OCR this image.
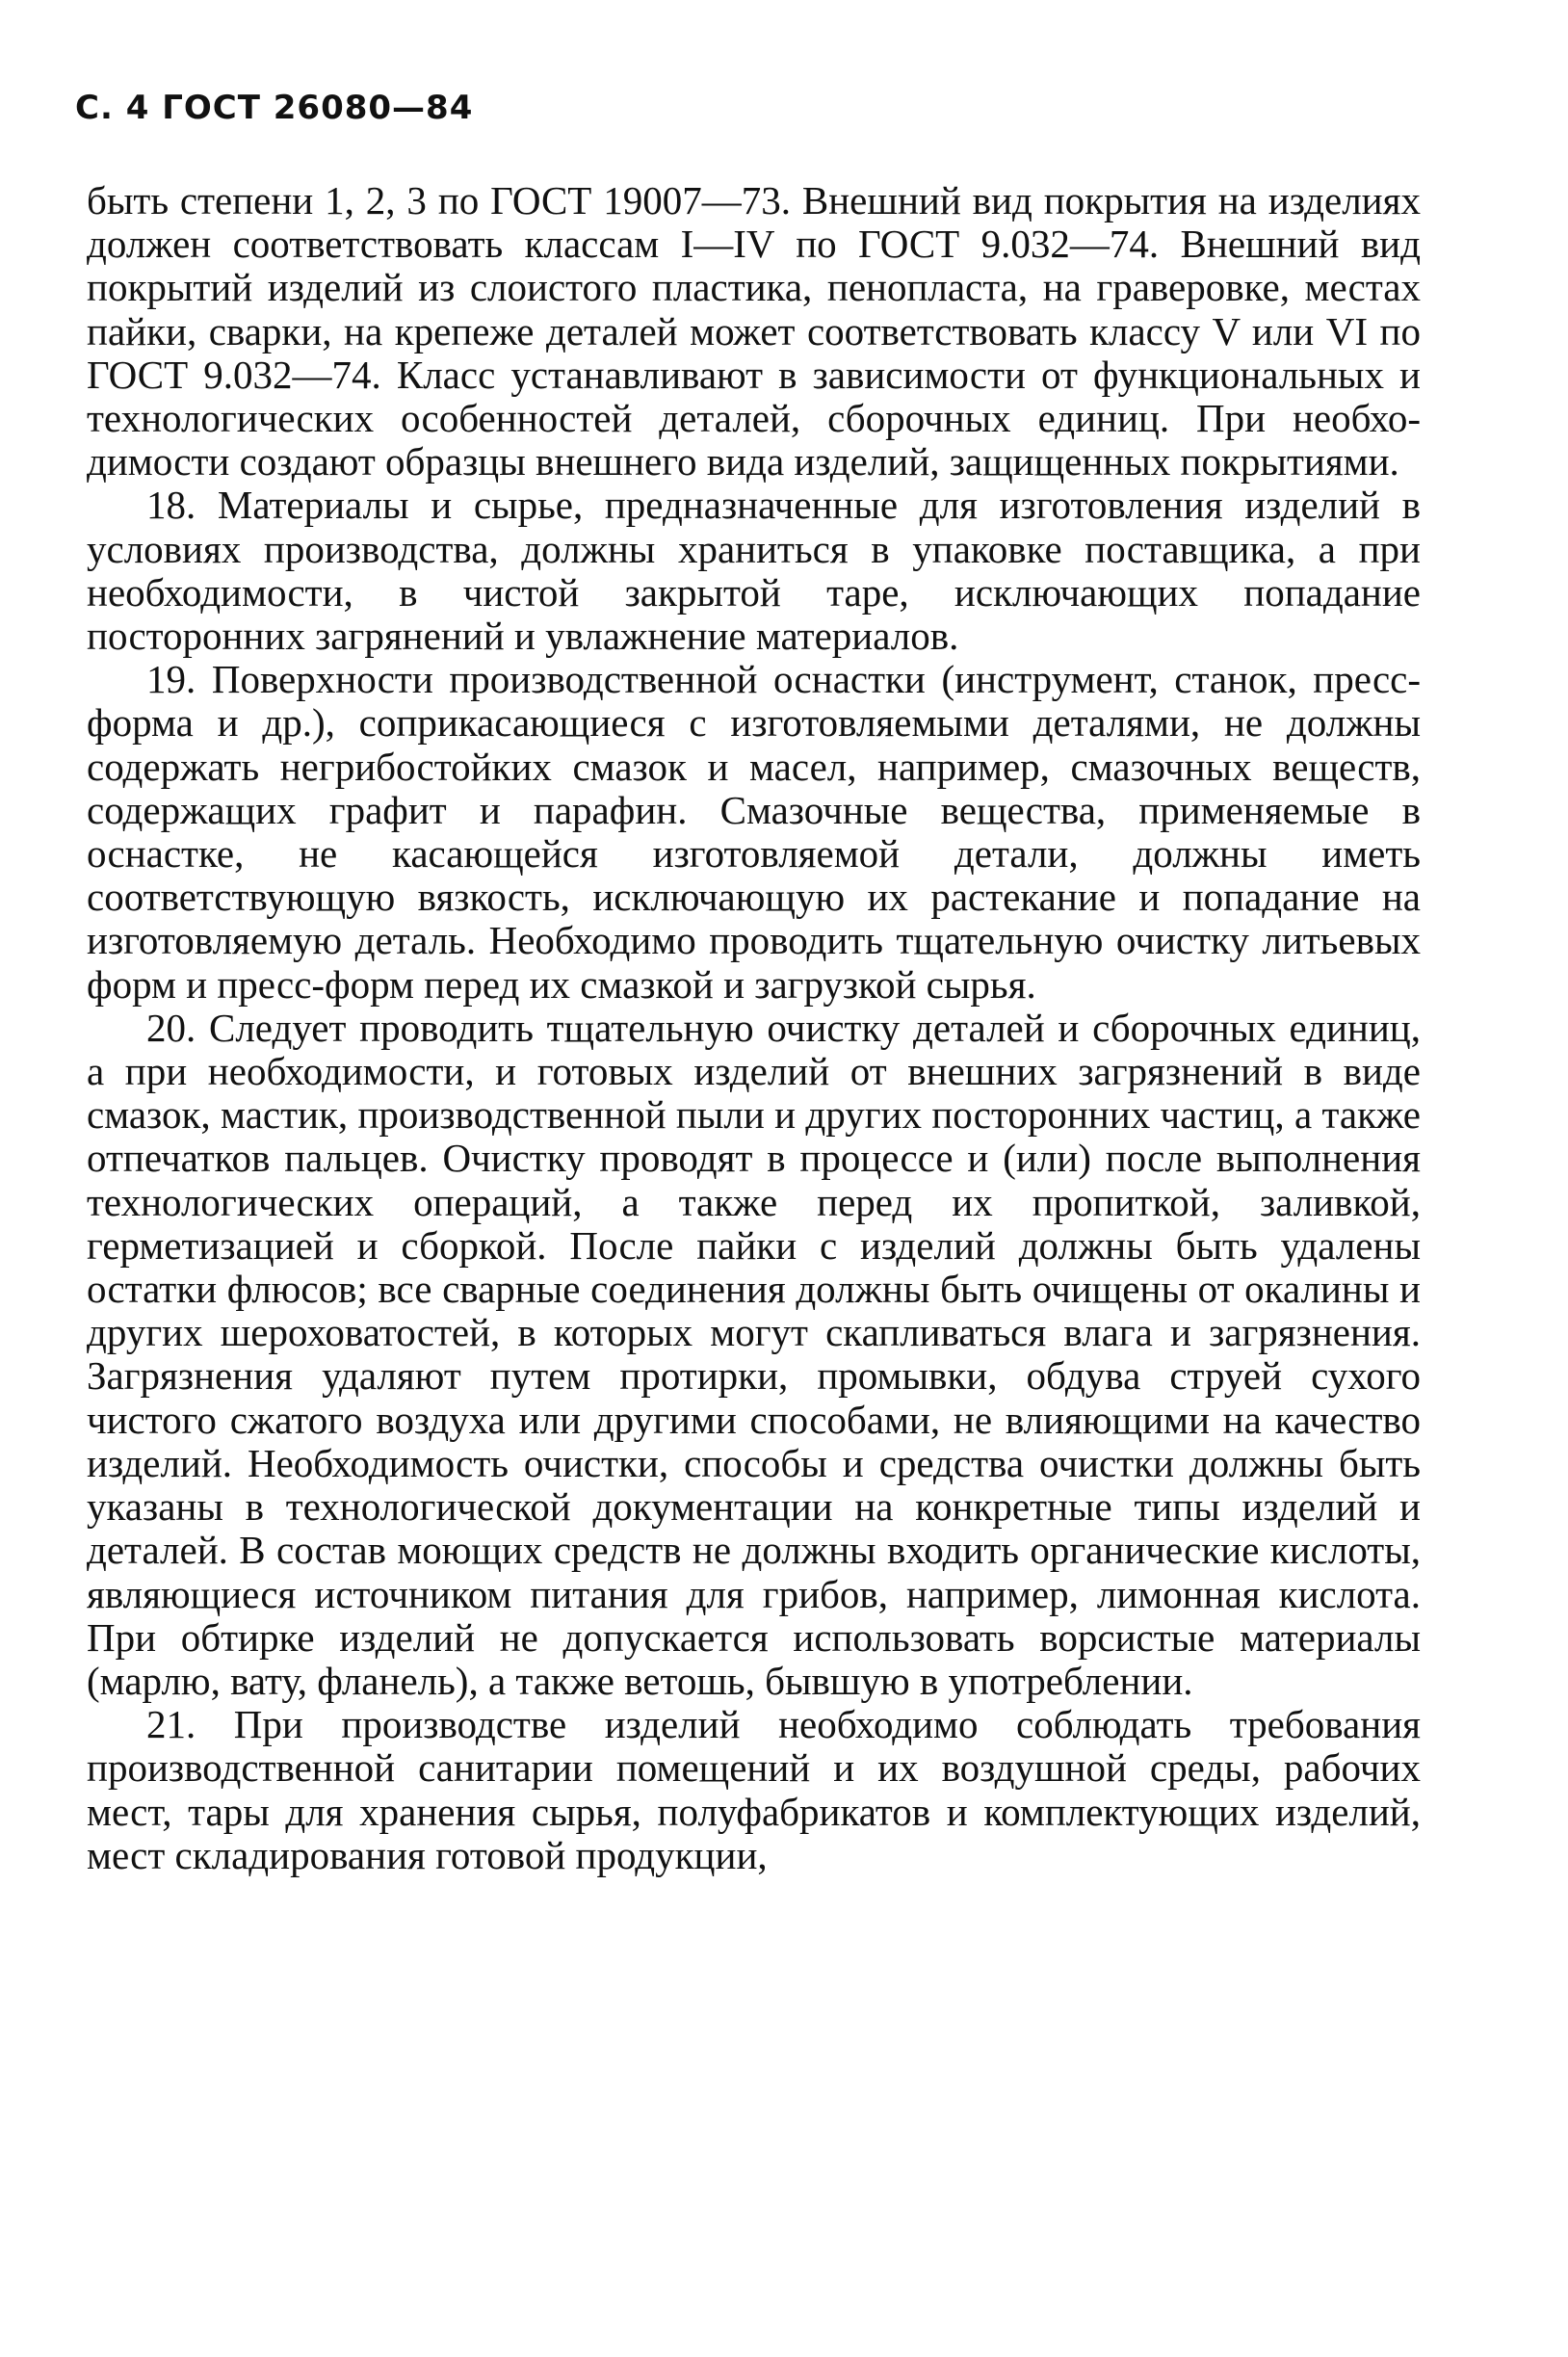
С. 4 ГОСТ 26080—84

быть степени 1, 2, 3 по ГОСТ 19007—73. Внешний вид покрытия на изделиях должен соответствовать классам I—IV по ГОСТ 9.032—74. Внешний вид покрытий изделий из слоистого пластика, пенопласта, на граверовке, местах пайки, сварки, на крепеже деталей может соответствовать классу V или VI по ГОСТ 9.032—74. Класс устанавливают в зависимости от функциональных и технологических особенностей деталей, сборочных единиц. При необходимости создают образцы внешнего вида изделий, защищенных покрытиями.

18. Материалы и сырье, предназначенные для изготовления изделий в условиях производства, должны храниться в упаковке поставщика, а при необходимости, в чистой закрытой таре, исключающих попадание посторонних загрянений и увлажнение материалов.

19. Поверхности производственной оснастки (инструмент, станок, пресс-форма и др.), соприкасающиеся с изготовляемыми деталями, не должны содержать негрибостойких смазок и масел, например, смазочных веществ, содержащих графит и парафин. Смазочные вещества, применяемые в оснастке, не касающейся изготовляемой детали, должны иметь соответствующую вязкость, исключающую их растекание и попадание на изготовляемую деталь. Необходимо проводить тщательную очистку литьевых форм и пресс-форм перед их смазкой и загрузкой сырья.

20. Следует проводить тщательную очистку деталей и сборочных единиц, а при необходимости, и готовых изделий от внешних загрязнений в виде смазок, мастик, производственной пыли и других посторонних частиц, а также отпечатков пальцев. Очистку проводят в процессе и (или) после выполнения технологических операций, а также перед их пропиткой, заливкой, герметизацией и сборкой. После пайки с изделий должны быть удалены остатки флюсов; все сварные соединения должны быть очищены от окалины и других шероховатостей, в которых могут скапливаться влага и загрязнения. Загрязнения удаляют путем протирки, промывки, обдува струей сухого чистого сжатого воздуха или другими способами, не влияющими на качество изделий. Необходимость очистки, способы и средства очистки должны быть указаны в технологической документации на конкретные типы изделий и деталей. В состав моющих средств не должны входить органические кислоты, являющиеся источником питания для грибов, например, лимонная кислота. При обтирке изделий не допускается использовать ворсистые материалы (марлю, вату, фланель), а также ветошь, бывшую в употреблении.

21. При производстве изделий необходимо соблюдать требования производственной санитарии помещений и их воздушной среды, рабочих мест, тары для хранения сырья, полуфабрикатов и комплектующих изделий, мест складирования готовой продукции,
